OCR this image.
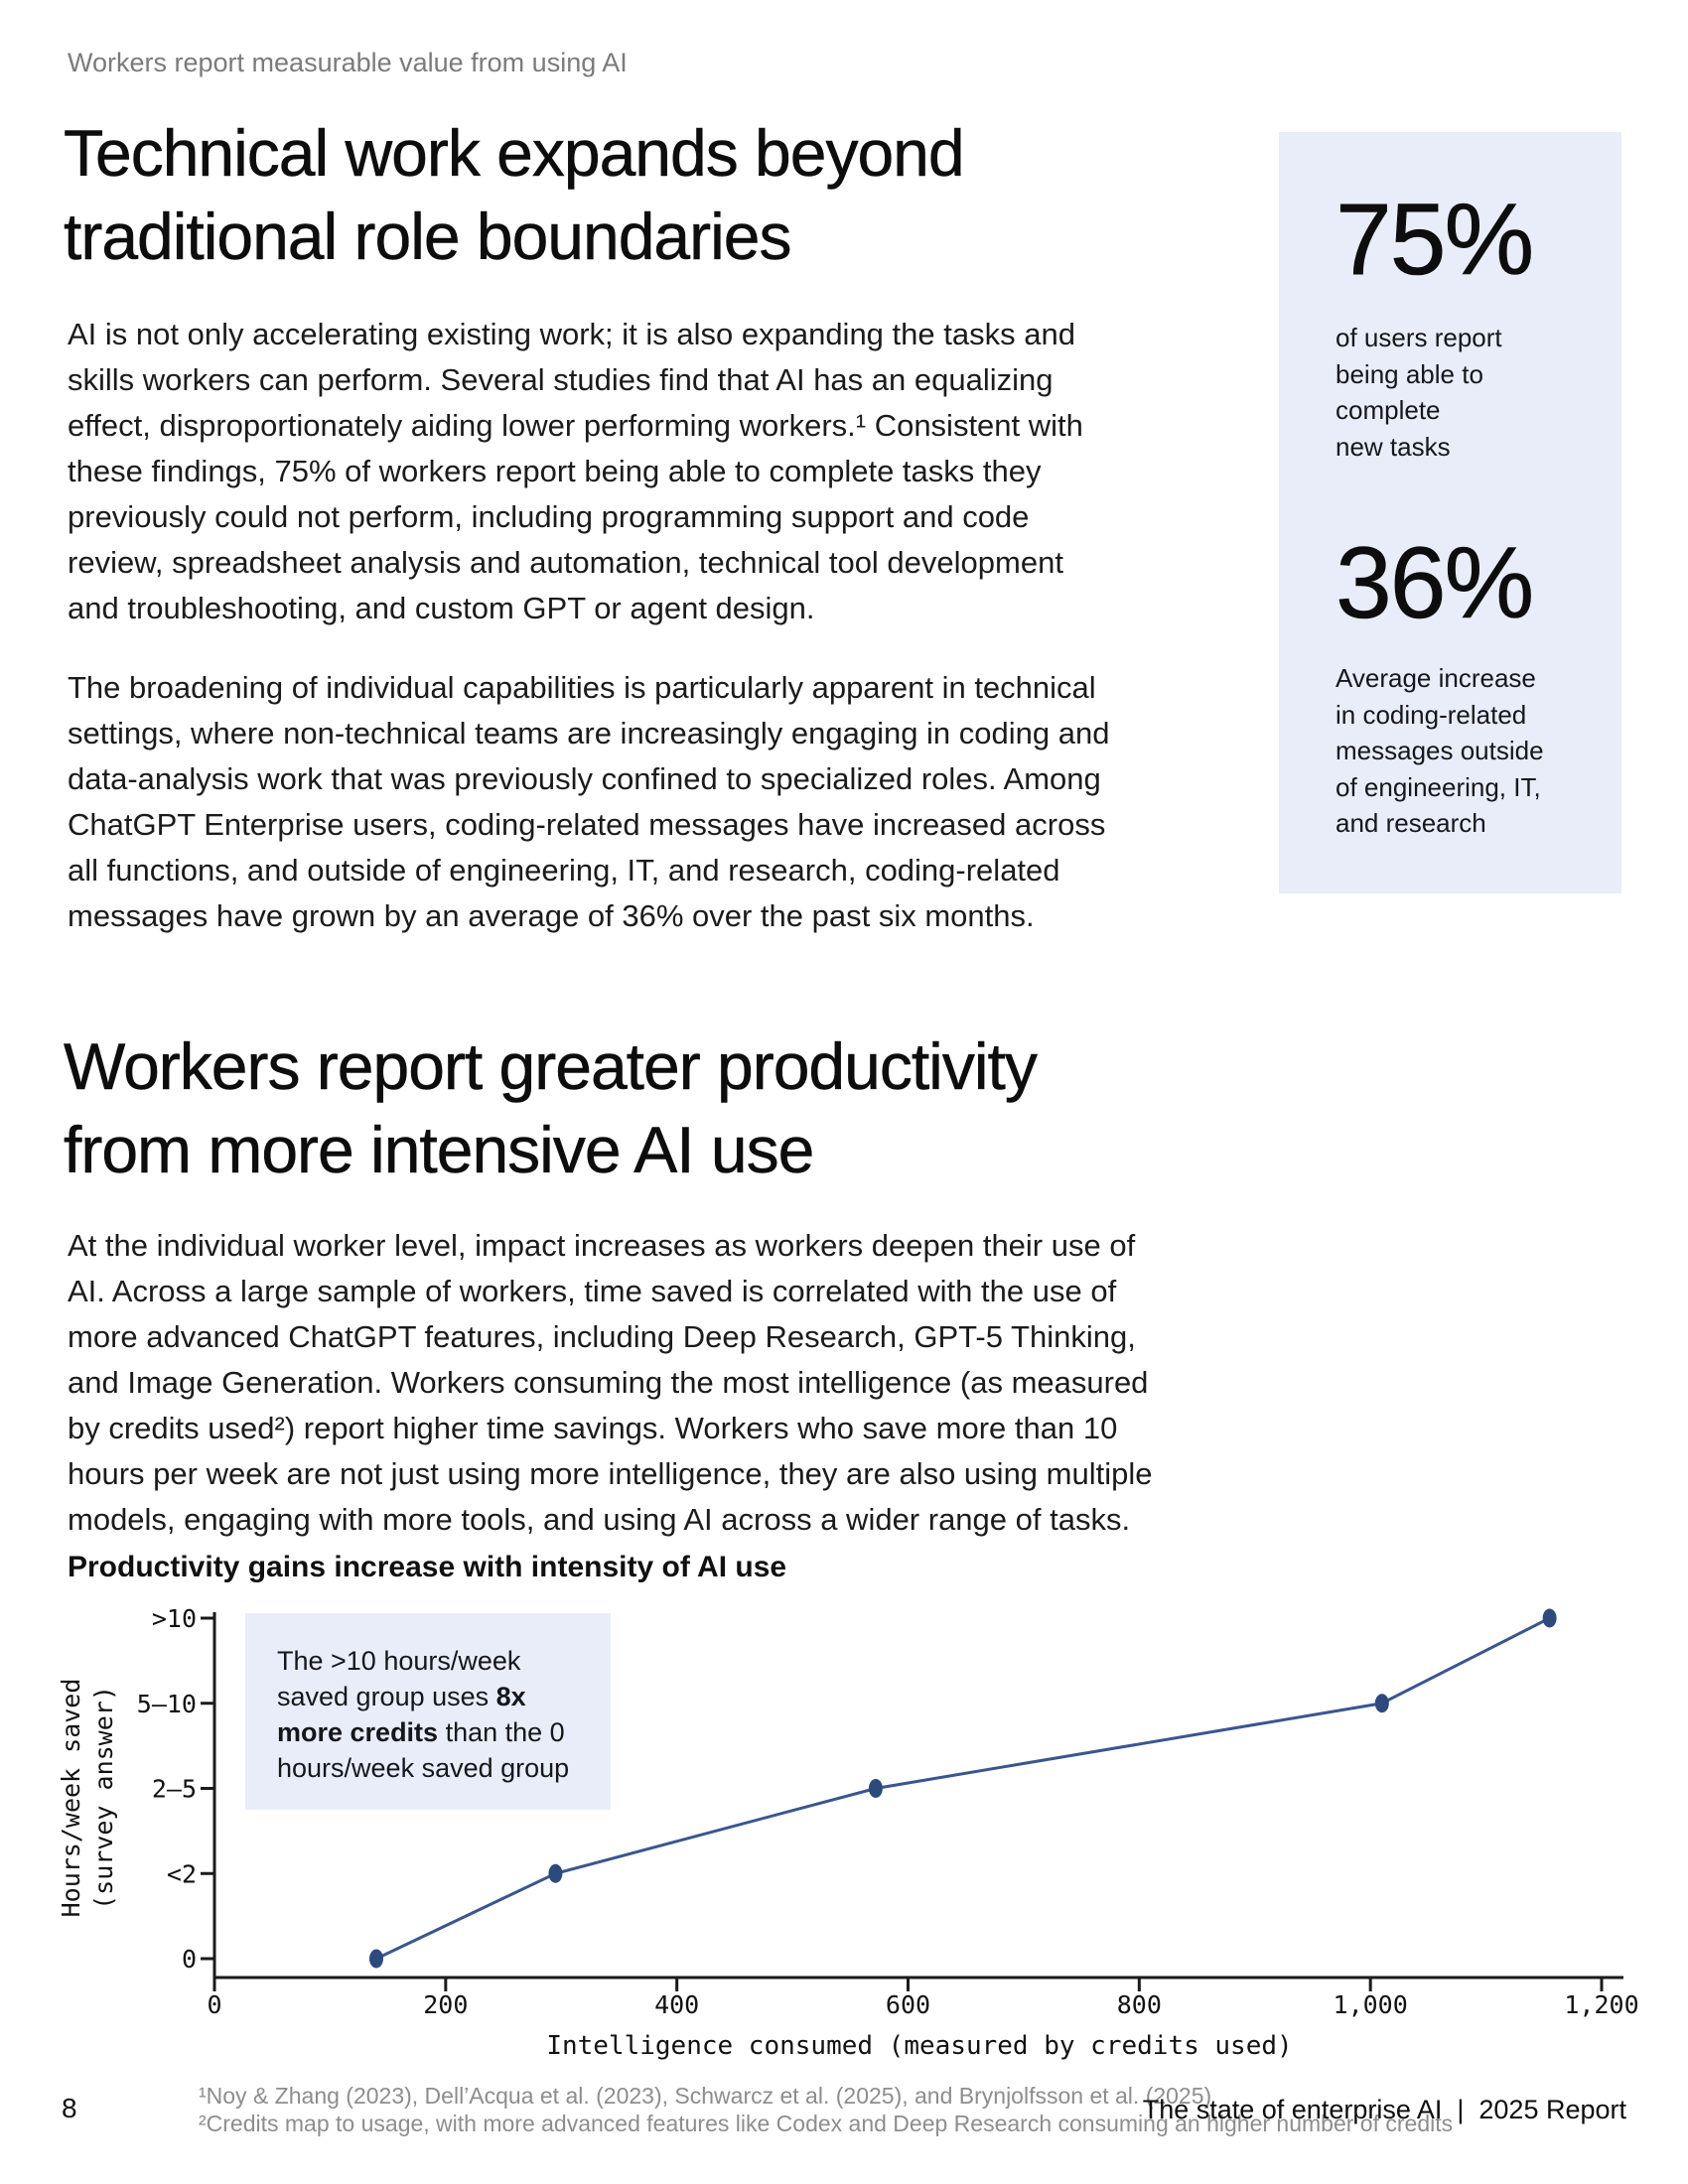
Workers report measurable value from using AI
Technical work expands beyond
traditional role boundaries
AI is not only accelerating existing work; it is also expanding the tasks and
skills workers can perform. Several studies find that AI has an equalizing
effect, disproportionately aiding lower performing workers.¹ Consistent with
these findings, 75% of workers report being able to complete tasks they
previously could not perform, including programming support and code
review, spreadsheet analysis and automation, technical tool development
and troubleshooting, and custom GPT or agent design.
The broadening of individual capabilities is particularly apparent in technical
settings, where non-technical teams are increasingly engaging in coding and
data-analysis work that was previously confined to specialized roles. Among
ChatGPT Enterprise users, coding-related messages have increased across
all functions, and outside of engineering, IT, and research, coding-related
messages have grown by an average of 36% over the past six months.
75%
of users report
being able to
complete
new tasks
36%
Average increase
in coding-related
messages outside
of engineering, IT,
and research
Workers report greater productivity
from more intensive AI use
At the individual worker level, impact increases as workers deepen their use of
AI. Across a large sample of workers, time saved is correlated with the use of
more advanced ChatGPT features, including Deep Research, GPT-5 Thinking,
and Image Generation. Workers consuming the most intelligence (as measured
by credits used²) report higher time savings. Workers who save more than 10
hours per week are not just using more intelligence, they are also using multiple
models, engaging with more tools, and using AI across a wider range of tasks.
Productivity gains increase with intensity of AI use
0	200	400	600	800	1,000	1,200
0
<2
2–5
5–10
>10
The >10 hours/week
saved group uses 8x
more credits than the 0
hours/week saved group
Hours/week saved (survey answer)
Intelligence consumed (measured by credits used)
¹Noy & Zhang (2023), Dell’Acqua et al. (2023), Schwarcz et al. (2025), and Brynjolfsson et al. (2025)
²Credits map to usage, with more advanced features like Codex and Deep Research consuming an higher number of credits
8	The state of enterprise AI  |  2025 Report
